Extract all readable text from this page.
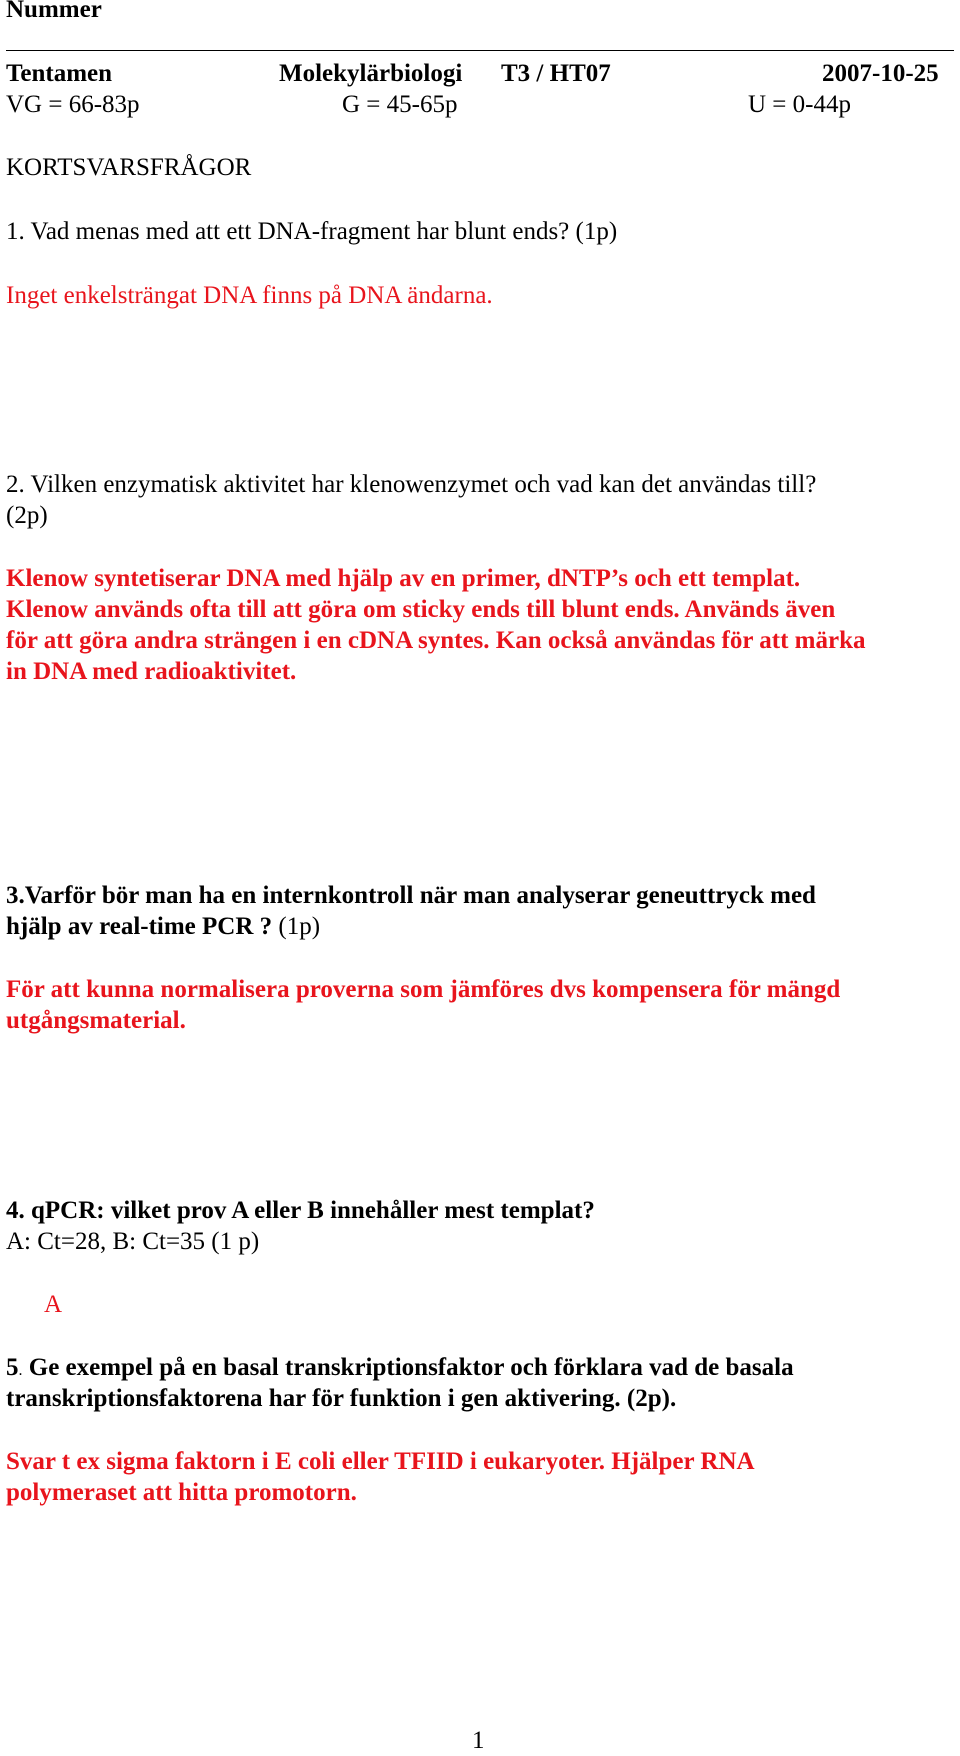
Nummer
Tentamen	Molekylärbiologi T3 / HT07	2007-10-25
VG = 66-83p	G = 45-65p	U = 0-44p
KORTSVARSFRÅGOR
1. Vad menas med att ett DNA-fragment har blunt ends? (1p)
Inget enkelsträngat DNA finns på DNA ändarna.
2. Vilken enzymatisk aktivitet har klenowenzymet och vad kan det användas till?
(2p)
Klenow syntetiserar DNA med hjälp av en primer, dNTP’s och ett templat.
Klenow används ofta till att göra om sticky ends till blunt ends. Används även
för att göra andra strängen i en cDNA syntes. Kan också användas för att märka
in DNA med radioaktivitet.
3.Varför bör man ha en internkontroll när man analyserar geneuttryck med
hjälp av real-time PCR ? (1p)
För att kunna normalisera proverna som jämföres dvs kompensera för mängd
utgångsmaterial.
4. qPCR: vilket prov A eller B innehåller mest templat?
A: Ct=28, B: Ct=35 (1 p)
A
5. Ge exempel på en basal transkriptionsfaktor och förklara vad de basala
transkriptionsfaktorena har för funktion i gen aktivering. (2p).
Svar t ex sigma faktorn i E coli eller TFIID i eukaryoter. Hjälper RNA
polymeraset att hitta promotorn.
1
